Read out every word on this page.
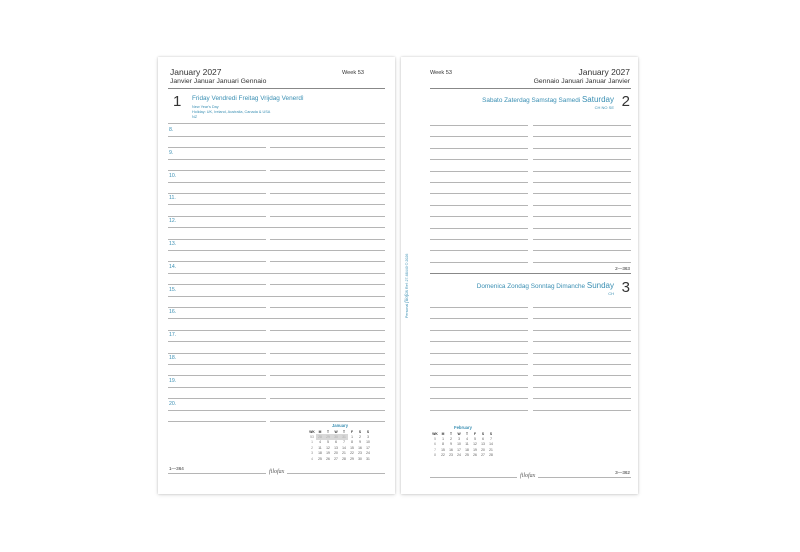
January 2027
Janvier Januar Januari Gennaio
Week 53
1 Friday Vendredi Freitag Vrijdag Venerdì
New Year's Day
Holiday: UK, Ireland, Australia, Canada & USA
NZ
8.
9.
10.
11.
12.
13.
14.
15.
16.
17.
18.
19.
20.
January
WK	M	T	W	T	F	S	S
53	28	29	30	31	1	2	3
1	4	5	6	7	8	9	10
2	11	12	13	14	15	16	17
3	18	19	20	21	22	23	24
4	25	26	27	28	29	30	31
1—364
filofax
Week 53	January 2027
Gennaio Januari Januar Janvier
Sabato Zaterdag Samstag Samedi Saturday
CH NO SE 2
2—363
Domenica Zondag Sonntag Dimanche Sunday
CH 3
February
WK	M	T	W	T	F	S	S
5	1	2	3	4	5	6	7
6	8	9	10	11	12	13	14
7	15	16	17	18	19	20	21
8	22	23	24	25	26	27	28
3—362
filofax
Personal filofax Ref: 27-68440 © 2026
